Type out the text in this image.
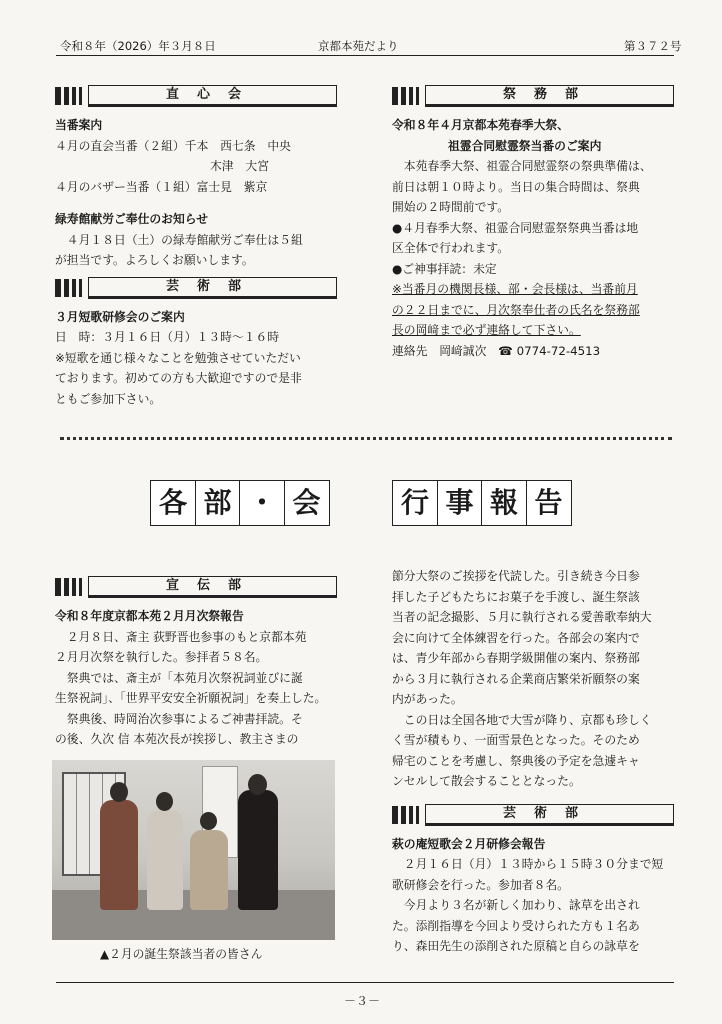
令和８年（2026）年３月８日	京都本苑だより	第３７２号
直心会

当番案内

４月の直会当番（２組）千本　西七条　中央

木津　大宮

４月のバザー当番（１組）富士見　紫京

緑寿館献労ご奉仕のお知らせ

４月１８日（土）の緑寿館献労ご奉仕は５組

が担当です。よろしくお願いします。

芸術部

３月短歌研修会のご案内

日　時：３月１６日（月）１３時～１６時

※短歌を通じ様々なことを勉強させていただい

ております。初めての方も大歓迎ですので是非

ともご参加下さい。

祭務部

令和８年４月京都本苑春季大祭、

祖霊合同慰霊祭当番のご案内

本苑春季大祭、祖霊合同慰霊祭の祭典準備は、

前日は朝１０時より。当日の集合時間は、祭典

開始の２時間前です。

●４月春季大祭、祖霊合同慰霊祭祭典当番は地

区全体で行われます。

●ご神事拝読：未定

※当番月の機関長様、部・会長様は、当番前月

の２２日までに、月次祭奉仕者の氏名を祭務部

長の岡﨑まで必ず連絡して下さい。

連絡先　岡﨑誠次　☎ 0774-72-4513

各 部 ・ 会	行 事 報 告
宣伝部

令和８年度京都本苑２月月次祭報告

２月８日、斎主 荻野晋也参事のもと京都本苑

２月月次祭を執行した。参拝者５８名。

祭典では、斎主が「本苑月次祭祝詞並びに誕

生祭祝詞」、「世界平安安全祈願祝詞」を奏上した。

祭典後、時岡治次参事によるご神書拝読。そ

の後、久次 信 本苑次長が挨拶し、教主さまの

▲２月の誕生祭該当者の皆さん

節分大祭のご挨拶を代読した。引き続き今日参

拝した子どもたちにお菓子を手渡し、誕生祭該

当者の記念撮影、５月に執行される愛善歌奉納大

会に向けて全体練習を行った。各部会の案内で

は、青少年部から春期学級開催の案内、祭務部

から３月に執行される企業商店繁栄祈願祭の案

内があった。

この日は全国各地で大雪が降り、京都も珍しく

く雪が積もり、一面雪景色となった。そのため

帰宅のことを考慮し、祭典後の予定を急遽キャ

ンセルして散会することとなった。

芸術部

萩の庵短歌会２月研修会報告

２月１６日（月）１３時から１５時３０分まで短

歌研修会を行った。参加者８名。

今月より３名が新しく加わり、詠草を出され

た。添削指導を今回より受けられた方も１名あ

り、森田先生の添削された原稿と自らの詠草を

－３－
